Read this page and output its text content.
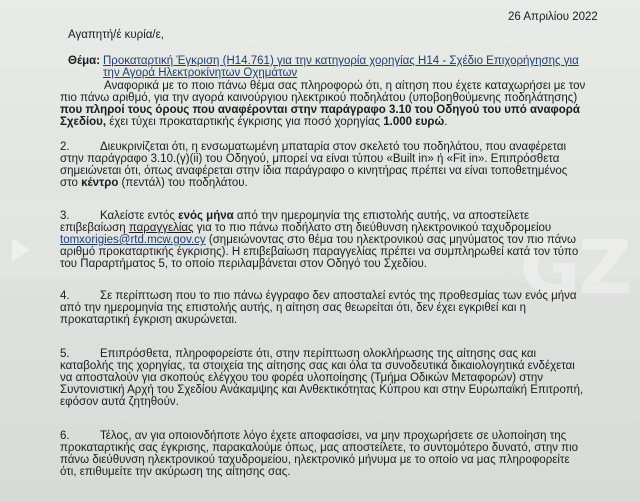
GZ
26 Απριλίου 2022
Αγαπητή/έ κυρία/ε,
Θέμα: Προκαταρτική Έγκριση (H14.761) για την κατηγορία χορηγίας Η14 - Σχέδιο Επιχορήγησης για
την Αγορά Ηλεκτροκίνητων Οχημάτων
Αναφορικά με το ποιο πάνω θέμα σας πληροφορώ ότι, η αίτηση που έχετε καταχωρήσει με τον
πιο πάνω αριθμό, για την αγορά καινούργιου ηλεκτρικού ποδηλάτου (υποβοηθούμενης ποδηλάτησης)
που πληροί τους όρους που αναφέρονται στην παράγραφο 3.10 του Οδηγού του υπό αναφορά
Σχεδίου, έχει τύχει προκαταρτικής έγκρισης για ποσό χορηγίας 1.000 ευρώ.
2.	Διευκρινίζεται ότι, η ενσωματωμένη μπαταρία στον σκελετό του ποδηλάτου, που αναφέρεται
στην παράγραφο 3.10.(γ)(ii) του Οδηγού, μπορεί να είναι τύπου «Built in» ή «Fit in». Επιπρόσθετα
σημειώνεται ότι, όπως αναφέρεται στην ίδια παράγραφο ο κινητήρας πρέπει να είναι τοποθετημένος
στο κέντρο (πεντάλ) του ποδηλάτου.
3.	Καλείστε εντός ενός μήνα από την ημερομηνία της επιστολής αυτής, να αποστείλετε
επιβεβαίωση παραγγελίας για το πιο πάνω ποδήλατο στη διεύθυνση ηλεκτρονικού ταχυδρομείου
tomxorigies@rtd.mcw.gov.cy (σημειώνοντας στο θέμα του ηλεκτρονικού σας μηνύματος τον πιο πάνω
αριθμό προκαταρτικής έγκρισης). Η επιβεβαίωση παραγγελίας πρέπει να συμπληρωθεί κατά τον τύπο
του Παραρτήματος 5, το οποίο περιλαμβάνεται στον Οδηγό του Σχεδίου.
4.	Σε περίπτωση που το πιο πάνω έγγραφο δεν αποσταλεί εντός της προθεσμίας των ενός μήνα
από την ημερομηνία της επιστολής αυτής, η αίτηση σας θεωρείται ότι, δεν έχει εγκριθεί και η
προκαταρτική έγκριση ακυρώνεται.
5.	Επιπρόσθετα, πληροφορείστε ότι, στην περίπτωση ολοκλήρωσης της αίτησης σας και
καταβολής της χορηγίας, τα στοιχεία της αίτησης σας και όλα τα συνοδευτικά δικαιολογητικά ενδέχεται
να αποσταλούν για σκοπούς ελέγχου του φορέα υλοποίησης (Τμήμα Οδικών Μεταφορών) στην
Συντονιστική Αρχή του Σχεδίου Ανάκαμψης και Ανθεκτικότητας Κύπρου και στην Ευρωπαϊκή Επιτροπή,
εφόσον αυτά ζητηθούν.
6.	Τέλος, αν για οποιονδήποτε λόγο έχετε αποφασίσει, να μην προχωρήσετε σε υλοποίηση της
προκαταρτικής σας έγκρισης, παρακαλούμε όπως, μας αποστείλετε, το συντομότερο δυνατό, στην πιο
πάνω διεύθυνση ηλεκτρονικού ταχυδρομείου, ηλεκτρονικό μήνυμα με το οποίο να μας πληροφορείτε
ότι, επιθυμείτε την ακύρωση της αίτησης σας.
